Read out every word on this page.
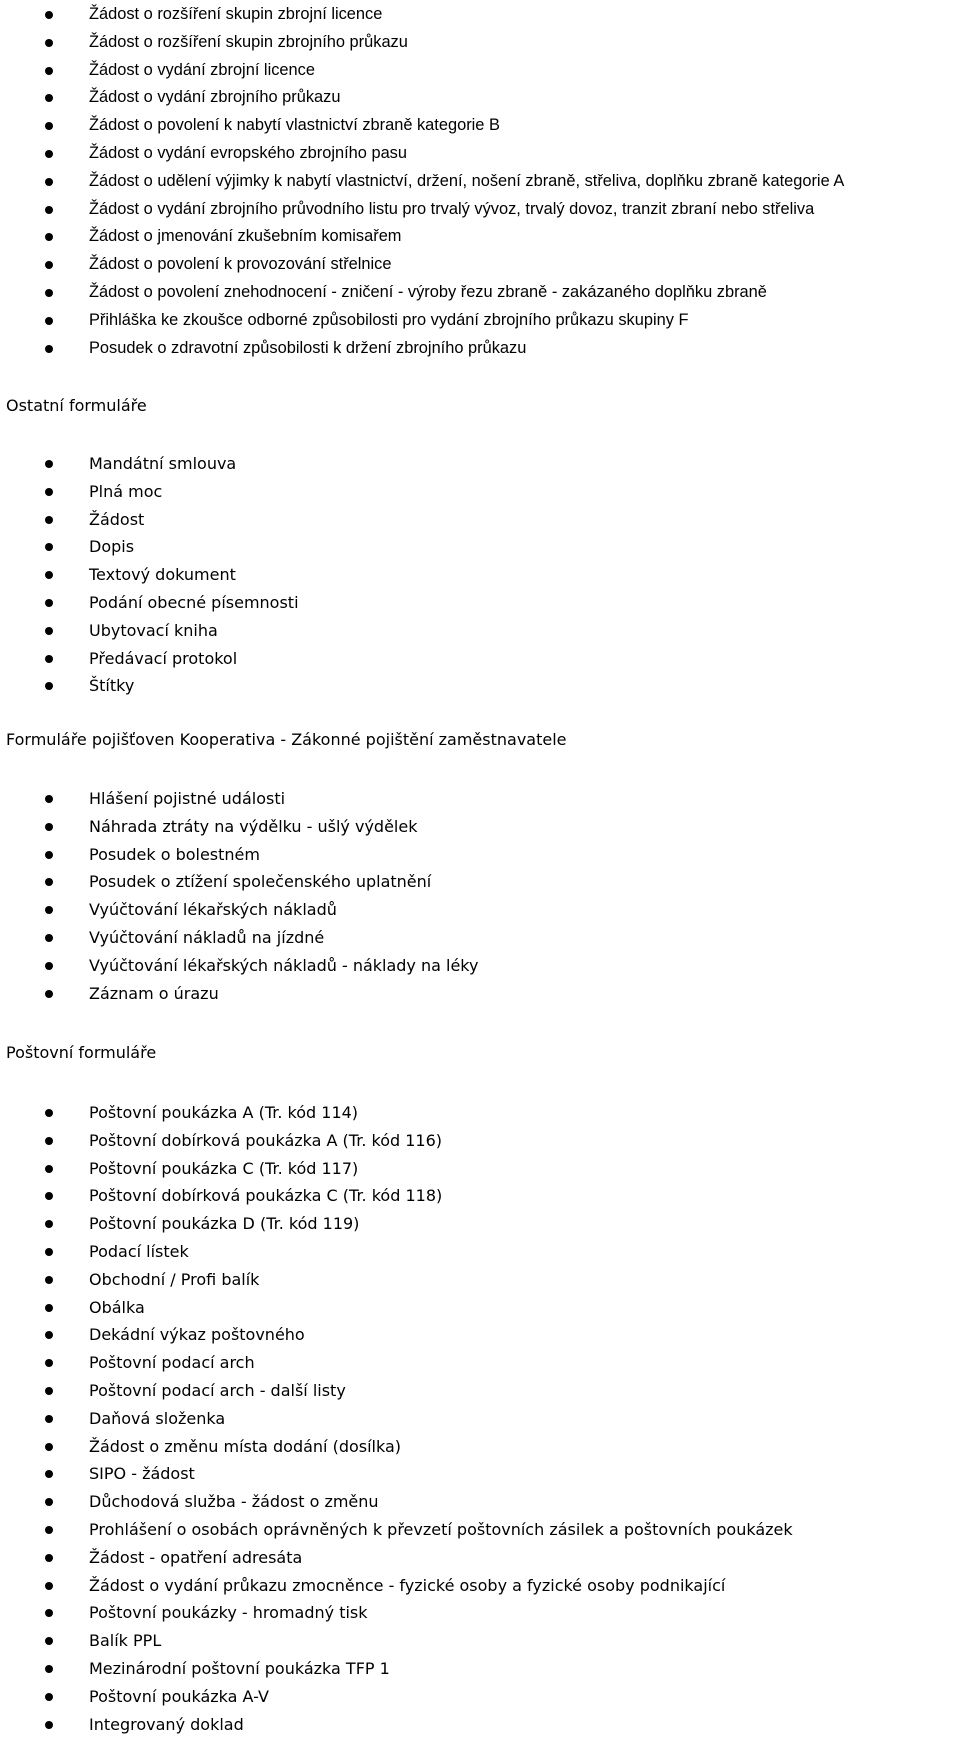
Žádost o rozšíření skupin zbrojní licence
Žádost o rozšíření skupin zbrojního průkazu
Žádost o vydání zbrojní licence
Žádost o vydání zbrojního průkazu
Žádost o povolení k nabytí vlastnictví zbraně kategorie B
Žádost o vydání evropského zbrojního pasu
Žádost o udělení výjimky k nabytí vlastnictví, držení, nošení zbraně, střeliva, doplňku zbraně kategorie A
Žádost o vydání zbrojního průvodního listu pro trvalý vývoz, trvalý dovoz, tranzit zbraní nebo střeliva
Žádost o jmenování zkušebním komisařem
Žádost o povolení k provozování střelnice
Žádost o povolení znehodnocení - zničení - výroby řezu zbraně - zakázaného doplňku zbraně
Přihláška ke zkoušce odborné způsobilosti pro vydání zbrojního průkazu skupiny F
Posudek o zdravotní způsobilosti k držení zbrojního průkazu
Ostatní formuláře
Mandátní smlouva
Plná moc
Žádost
Dopis
Textový dokument
Podání obecné písemnosti
Ubytovací kniha
Předávací protokol
Štítky
Formuláře pojišťoven Kooperativa - Zákonné pojištění zaměstnavatele
Hlášení pojistné události
Náhrada ztráty na výdělku - ušlý výdělek
Posudek o bolestném
Posudek o ztížení společenského uplatnění
Vyúčtování lékařských nákladů
Vyúčtování nákladů na jízdné
Vyúčtování lékařských nákladů - náklady na léky
Záznam o úrazu
Poštovní formuláře
Poštovní poukázka A (Tr. kód 114)
Poštovní dobírková poukázka A (Tr. kód 116)
Poštovní poukázka C (Tr. kód 117)
Poštovní dobírková poukázka C (Tr. kód 118)
Poštovní poukázka D (Tr. kód 119)
Podací lístek
Obchodní / Profi balík
Obálka
Dekádní výkaz poštovného
Poštovní podací arch
Poštovní podací arch - další listy
Daňová složenka
Žádost o změnu místa dodání (dosílka)
SIPO - žádost
Důchodová služba - žádost o změnu
Prohlášení o osobách oprávněných k převzetí poštovních zásilek a poštovních poukázek
Žádost - opatření adresáta
Žádost o vydání průkazu zmocněnce - fyzické osoby a fyzické osoby podnikající
Poštovní poukázky - hromadný tisk
Balík PPL
Mezinárodní poštovní poukázka TFP 1
Poštovní poukázka A-V
Integrovaný doklad
